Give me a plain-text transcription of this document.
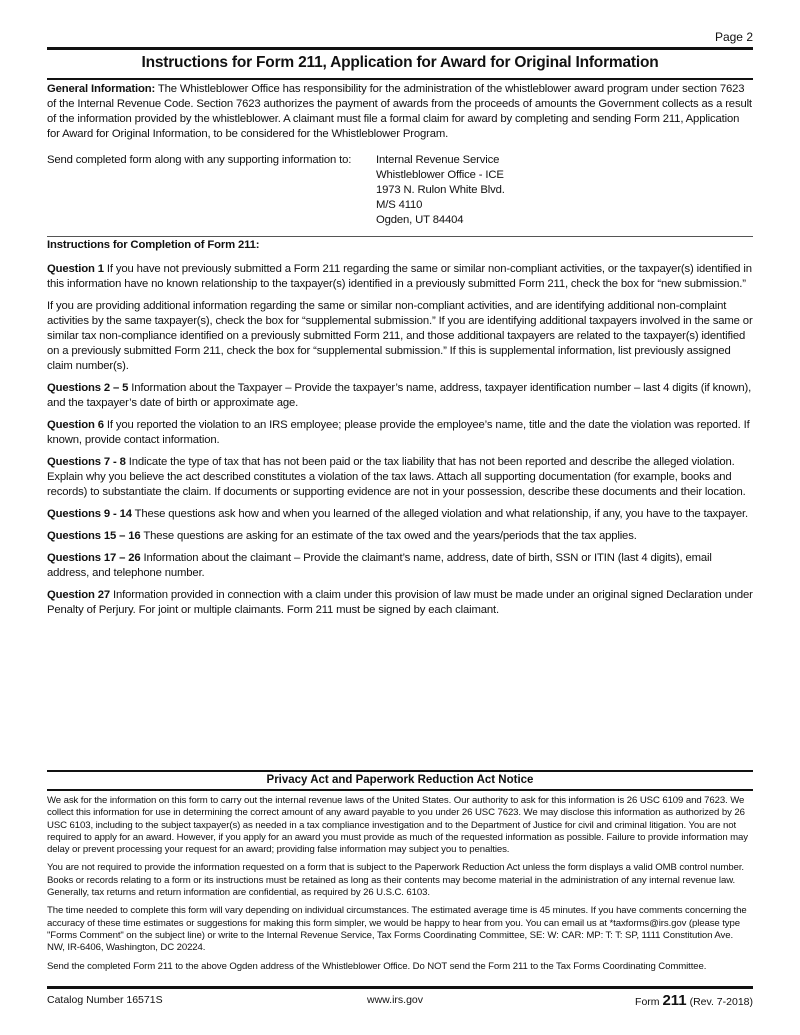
Page 2
Instructions for Form 211, Application for Award for Original Information

General Information: The Whistleblower Office has responsibility for the administration of the whistleblower award program under section 7623 of the Internal Revenue Code. Section 7623 authorizes the payment of awards from the proceeds of amounts the Government collects as a result of the information provided by the whistleblower. A claimant must file a formal claim for award by completing and sending Form 211, Application for Award for Original Information, to be considered for the Whistleblower Program.

Send completed form along with any supporting information to: Internal Revenue Service
Whistleblower Office - ICE
1973 N. Rulon White Blvd.
M/S 4110
Ogden, UT 84404
Instructions for Completion of Form 211:

Question 1 If you have not previously submitted a Form 211 regarding the same or similar non-compliant activities, or the taxpayer(s) identified in this information have no known relationship to the taxpayer(s) identified in a previously submitted Form 211, check the box for “new submission.”

If you are providing additional information regarding the same or similar non-compliant activities, and are identifying additional non-complaint activities by the same taxpayer(s), check the box for “supplemental submission.” If you are identifying additional taxpayers involved in the same or similar tax non-compliance identified on a previously submitted Form 211, and those additional taxpayers are related to the taxpayer(s) identified on a previously submitted Form 211, check the box for “supplemental submission.” If this is supplemental information, list previously assigned claim number(s).

Questions 2 – 5 Information about the Taxpayer – Provide the taxpayer’s name, address, taxpayer identification number – last 4 digits (if known), and the taxpayer’s date of birth or approximate age.

Question 6 If you reported the violation to an IRS employee; please provide the employee’s name, title and the date the violation was reported. If known, provide contact information.

Questions 7 - 8 Indicate the type of tax that has not been paid or the tax liability that has not been reported and describe the alleged violation. Explain why you believe the act described constitutes a violation of the tax laws. Attach all supporting documentation (for example, books and records) to substantiate the claim. If documents or supporting evidence are not in your possession, describe these documents and their location.

Questions 9 - 14 These questions ask how and when you learned of the alleged violation and what relationship, if any, you have to the taxpayer.

Questions 15 – 16 These questions are asking for an estimate of the tax owed and the years/periods that the tax applies.

Questions 17 – 26 Information about the claimant – Provide the claimant’s name, address, date of birth, SSN or ITIN (last 4 digits), email address, and telephone number.

Question 27 Information provided in connection with a claim under this provision of law must be made under an original signed Declaration under Penalty of Perjury. For joint or multiple claimants. Form 211 must be signed by each claimant.

Privacy Act and Paperwork Reduction Act Notice

We ask for the information on this form to carry out the internal revenue laws of the United States. Our authority to ask for this information is 26 USC 6109 and 7623. We collect this information for use in determining the correct amount of any award payable to you under 26 USC 7623. We may disclose this information as authorized by 26 USC 6103, including to the subject taxpayer(s) as needed in a tax compliance investigation and to the Department of Justice for civil and criminal litigation. You are not required to apply for an award. However, if you apply for an award you must provide as much of the requested information as possible. Failure to provide information may delay or prevent processing your request for an award; providing false information may subject you to penalties.

You are not required to provide the information requested on a form that is subject to the Paperwork Reduction Act unless the form displays a valid OMB control number. Books or records relating to a form or its instructions must be retained as long as their contents may become material in the administration of any internal revenue law. Generally, tax returns and return information are confidential, as required by 26 U.S.C. 6103.

The time needed to complete this form will vary depending on individual circumstances. The estimated average time is 45 minutes. If you have comments concerning the accuracy of these time estimates or suggestions for making this form simpler, we would be happy to hear from you. You can email us at *taxforms@irs.gov (please type "Forms Comment" on the subject line) or write to the Internal Revenue Service, Tax Forms Coordinating Committee, SE: W: CAR: MP: T: T: SP, 1111 Constitution Ave. NW, IR-6406, Washington, DC 20224.

Send the completed Form 211 to the above Ogden address of the Whistleblower Office. Do NOT send the Form 211 to the Tax Forms Coordinating Committee.

Catalog Number 16571S	www.irs.gov	Form 211 (Rev. 7-2018)
